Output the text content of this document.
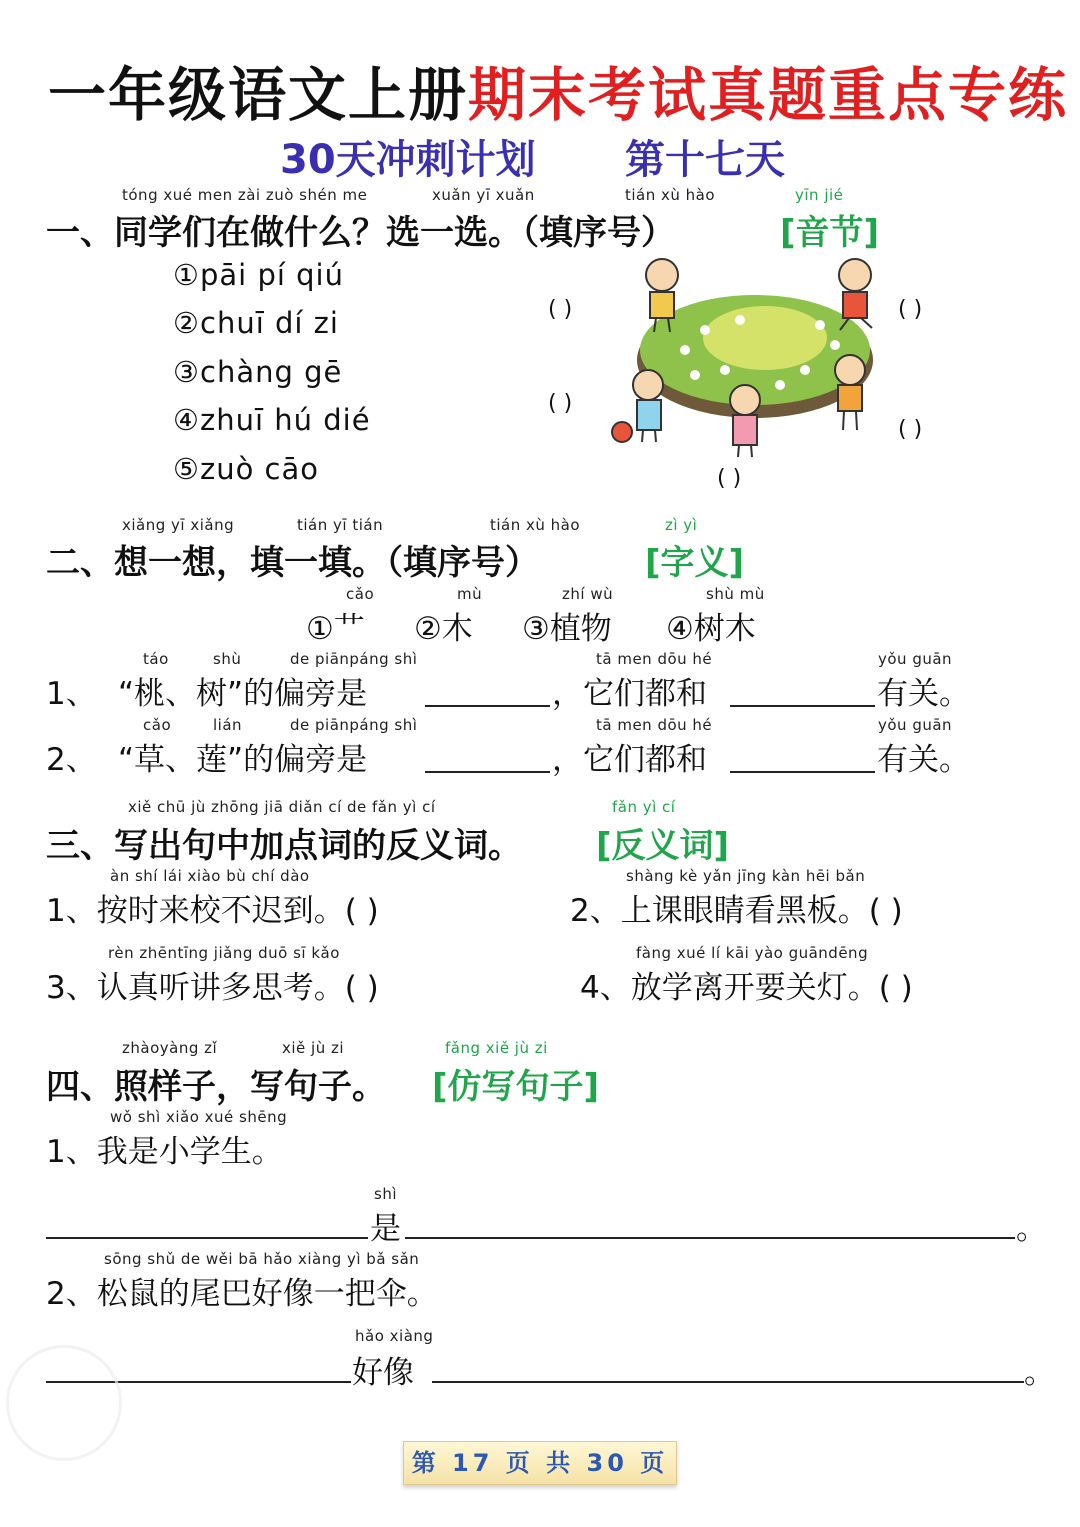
一年级语文上册期末考试真题重点专练
30天冲刺计划 第十七天
tóng xué men zài zuò shén me	xuǎn yī xuǎn	tián xù hào	yīn jié
一、同学们在做什么？选一选。（填序号）	[音节]
①pāi pí qiú
②chuī dí zi
③chàng gē
④zhuī hú dié
⑤zuò cāo
( )	( )
( )
( )
( )
xiǎng yī xiǎng	tián yī tián	tián xù hào	zì yì
二、想一想，填一填。（填序号）	[字义]
cǎo	mù	zhí wù	shù mù
①艹 ②木 ③植物 ④树木
táo	shù	de piānpáng shì	tā men dōu hé	yǒu guān
1、 “桃、树”的偏旁是	，它们都和	有关。
cǎo	lián	de piānpáng shì	tā men dōu hé	yǒu guān
2、 “草、莲”的偏旁是	，它们都和	有关。
xiě chū jù zhōng jiā diǎn cí de fǎn yì cí	fǎn yì cí
三、写出句中加点词的反义词。 [反义词]
àn shí lái xiào bù chí dào
1、按时来校不迟到。( )
shàng kè yǎn jīng kàn hēi bǎn
2、上课眼睛看黑板。( )
rèn zhēntīng jiǎng duō sī kǎo
3、认真听讲多思考。( )
fàng xué lí kāi yào guāndēng
4、放学离开要关灯。( )
zhàoyàng zǐ	xiě jù zi	fǎng xiě jù zi
四、照样子，写句子。 [仿写句子]
wǒ shì xiǎo xué shēng
1、我是小学生。
shì
是	。
sōng shǔ de wěi bā hǎo xiàng yì bǎ sǎn
2、松鼠的尾巴好像一把伞。
hǎo xiàng
好像	。
第 17 页 共 30 页
